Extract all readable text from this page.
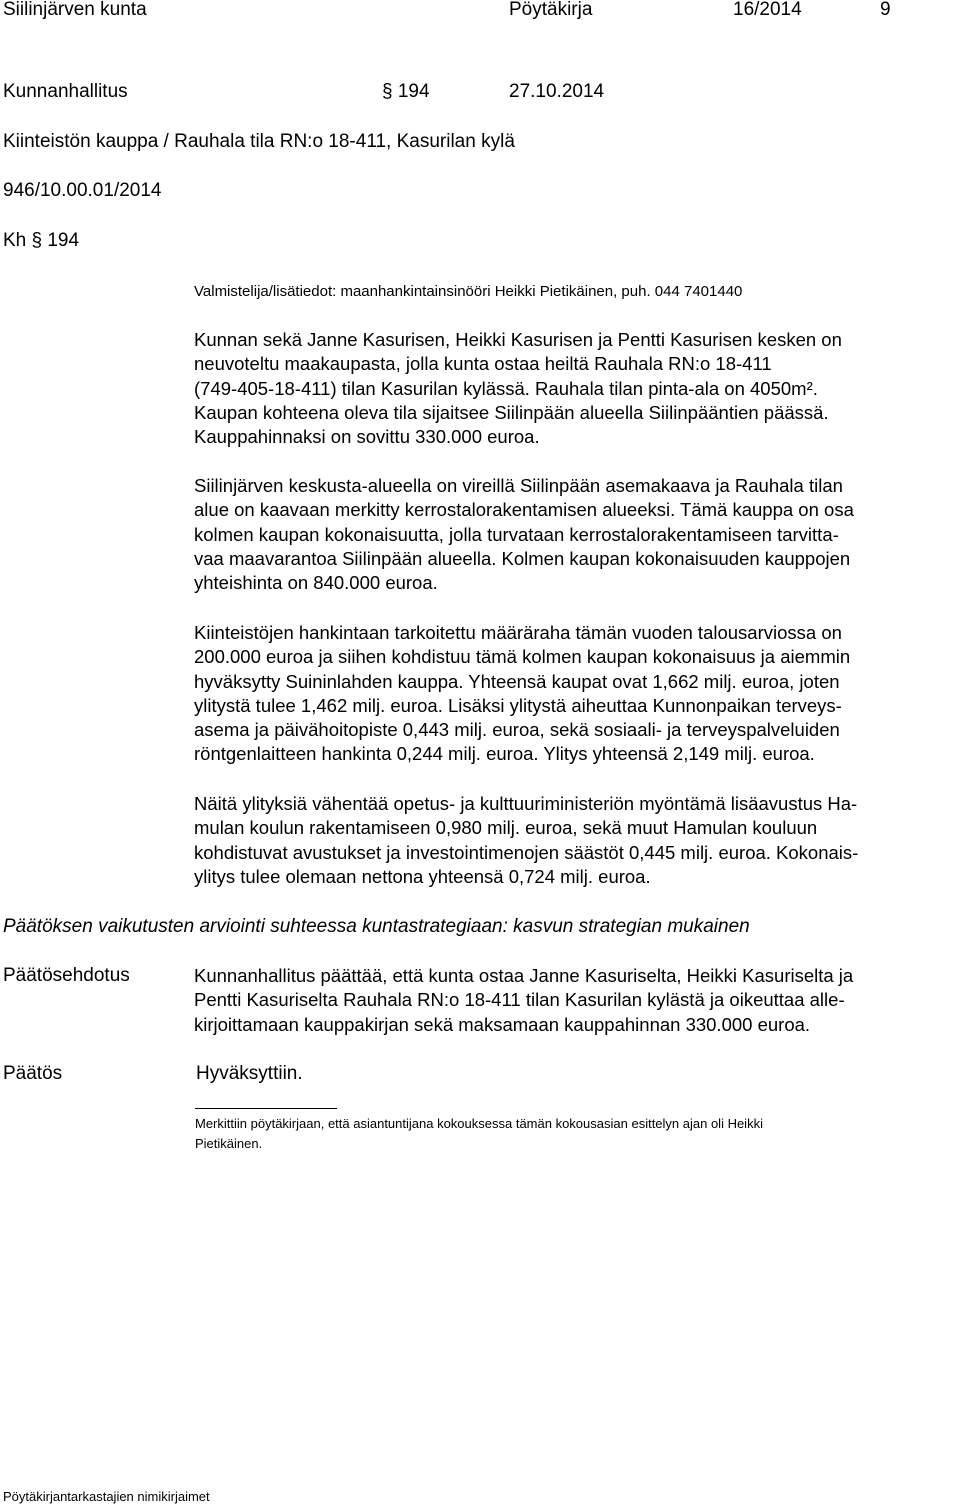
Siilinjärven kunta	Pöytäkirja	16/2014	9
Kunnanhallitus	§ 194	27.10.2014
Kiinteistön kauppa / Rauhala tila RN:o 18-411, Kasurilan kylä
946/10.00.01/2014
Kh § 194
Valmistelija/lisätiedot: maanhankintainsinööri Heikki Pietikäinen, puh. 044 7401440
Kunnan sekä Janne Kasurisen, Heikki Kasurisen ja Pentti Kasurisen kesken on
neuvoteltu maakaupasta, jolla kunta ostaa heiltä Rauhala RN:o 18-411
(749-405-18-411) tilan Kasurilan kylässä. Rauhala tilan pinta-ala on 4050m².
Kaupan kohteena oleva tila sijaitsee Siilinpään alueella Siilinpääntien päässä.
Kauppahinnaksi on sovittu 330.000 euroa.
Siilinjärven keskusta-alueella on vireillä Siilinpään asemakaava ja Rauhala tilan
alue on kaavaan merkitty kerrostalorakentamisen alueeksi. Tämä kauppa on osa
kolmen kaupan kokonaisuutta, jolla turvataan kerrostalorakentamiseen tarvitta-
vaa maavarantoa Siilinpään alueella. Kolmen kaupan kokonaisuuden kauppojen
yhteishinta on 840.000 euroa.
Kiinteistöjen hankintaan tarkoitettu määräraha tämän vuoden talousarviossa on
200.000 euroa ja siihen kohdistuu tämä kolmen kaupan kokonaisuus ja aiemmin
hyväksytty Suininlahden kauppa. Yhteensä kaupat ovat 1,662 milj. euroa, joten
ylitystä tulee 1,462 milj. euroa. Lisäksi ylitystä aiheuttaa Kunnonpaikan terveys-
asema ja päivähoitopiste 0,443 milj. euroa, sekä sosiaali- ja terveyspalveluiden
röntgenlaitteen hankinta 0,244 milj. euroa. Ylitys yhteensä 2,149 milj. euroa.
Näitä ylityksiä vähentää opetus- ja kulttuuriministeriön myöntämä lisäavustus Ha-
mulan koulun rakentamiseen 0,980 milj. euroa, sekä muut Hamulan kouluun
kohdistuvat avustukset ja investointimenojen säästöt 0,445 milj. euroa. Kokonais-
ylitys tulee olemaan nettona yhteensä 0,724 milj. euroa.
Päätöksen vaikutusten arviointi suhteessa kuntastrategiaan: kasvun strategian mukainen
Päätösehdotus	Kunnanhallitus päättää, että kunta ostaa Janne Kasuriselta, Heikki Kasuriselta ja
Pentti Kasuriselta Rauhala RN:o 18-411 tilan Kasurilan kylästä ja oikeuttaa alle-
kirjoittamaan kauppakirjan sekä maksamaan kauppahinnan 330.000 euroa.
Päätös	Hyväksyttiin.
Merkittiin pöytäkirjaan, että asiantuntijana kokouksessa tämän kokousasian esittelyn ajan oli Heikki
Pietikäinen.
Pöytäkirjantarkastajien nimikirjaimet
